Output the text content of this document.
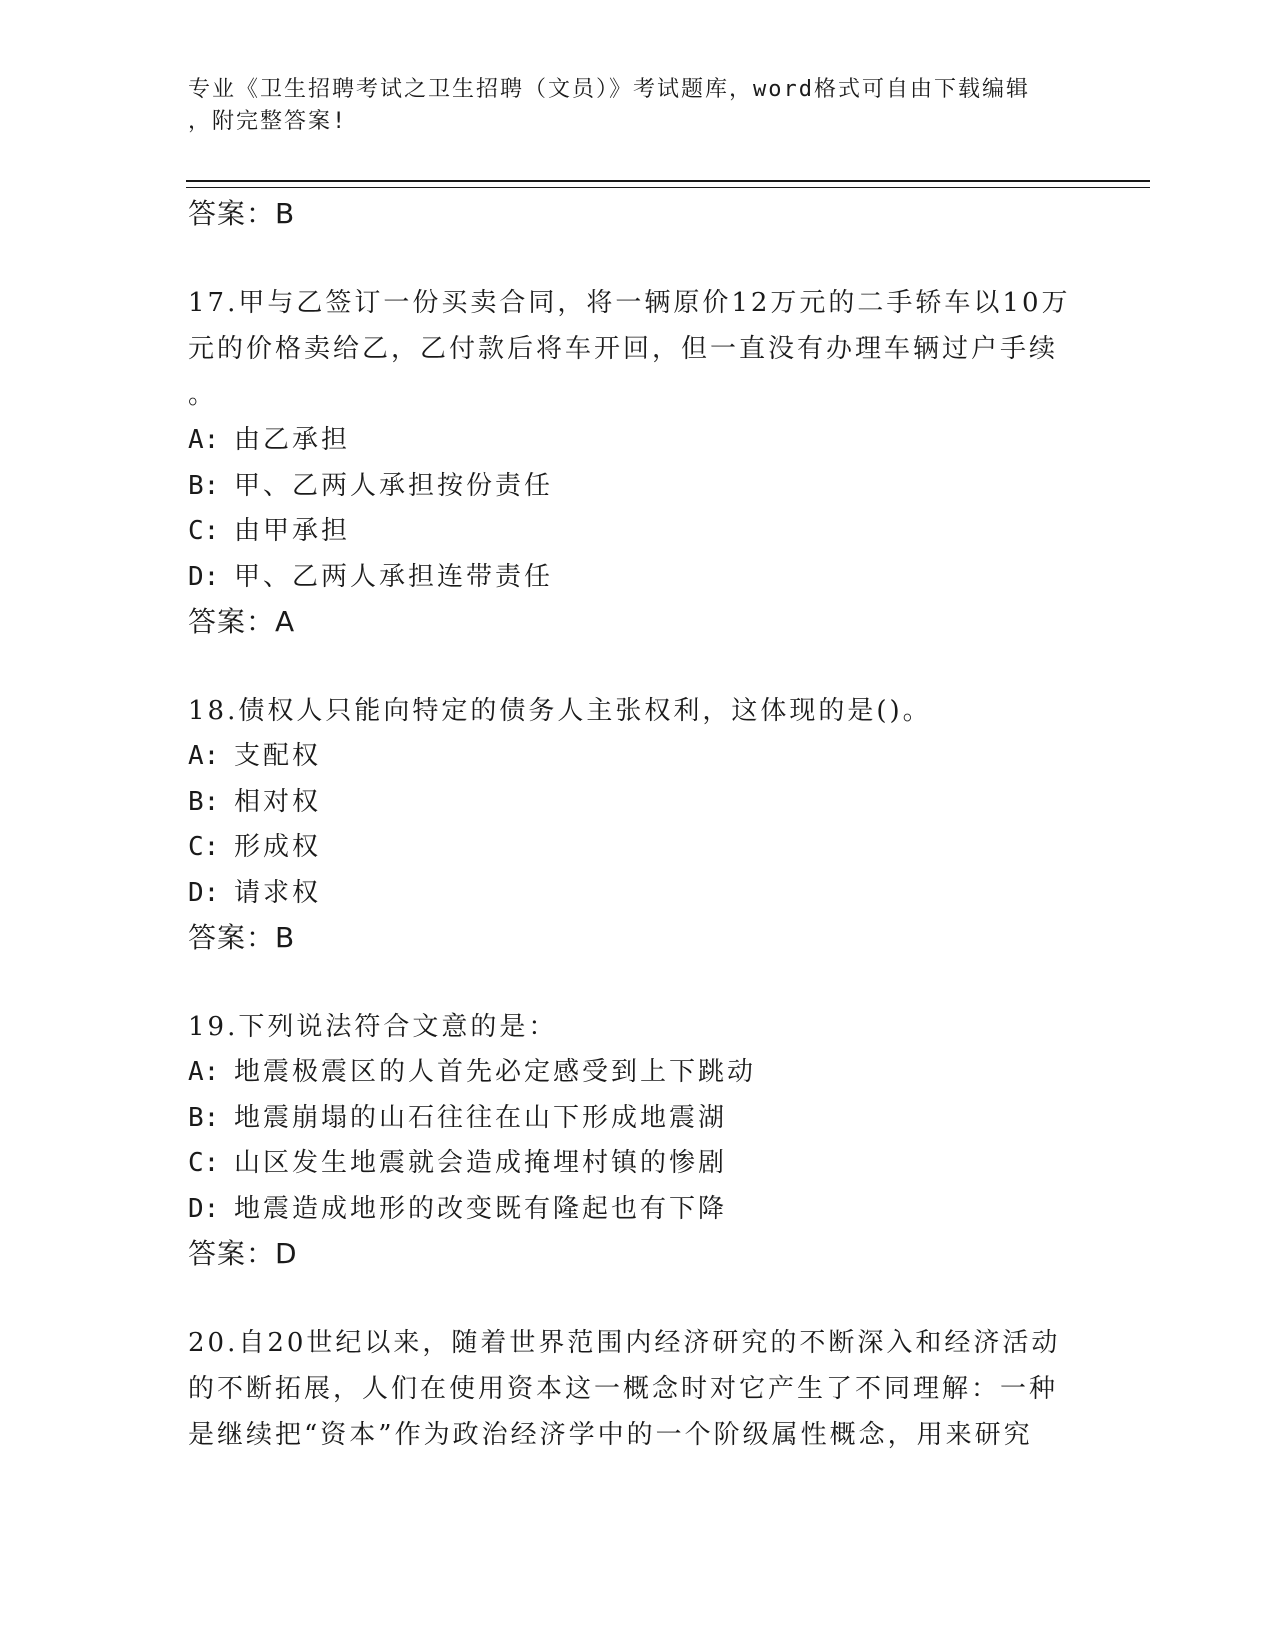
专业《卫生招聘考试之卫生招聘（文员）》考试题库，word格式可自由下载编辑
，附完整答案!
答案：B
17.甲与乙签订一份买卖合同，将一辆原价12万元的二手轿车以10万
元的价格卖给乙，乙付款后将车开回，但一直没有办理车辆过户手续
。
A: 由乙承担
B: 甲、乙两人承担按份责任
C: 由甲承担
D: 甲、乙两人承担连带责任
答案：A
18.债权人只能向特定的债务人主张权利，这体现的是()。
A: 支配权
B: 相对权
C: 形成权
D: 请求权
答案：B
19.下列说法符合文意的是：
A: 地震极震区的人首先必定感受到上下跳动
B: 地震崩塌的山石往往在山下形成地震湖
C: 山区发生地震就会造成掩埋村镇的惨剧
D: 地震造成地形的改变既有隆起也有下降
答案：D
20.自20世纪以来，随着世界范围内经济研究的不断深入和经济活动
的不断拓展，人们在使用资本这一概念时对它产生了不同理解：一种
是继续把“资本”作为政治经济学中的一个阶级属性概念，用来研究
